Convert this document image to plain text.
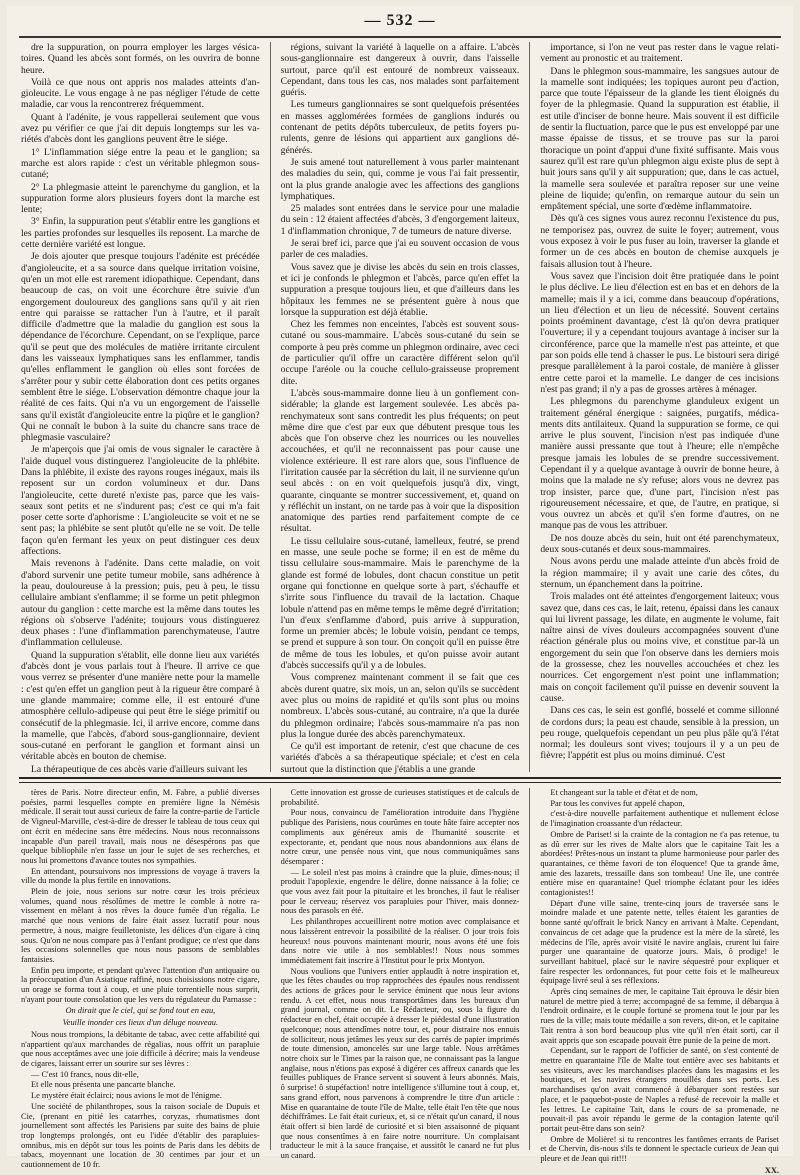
— 532 —

dre la suppuration, on pourra employer les larges vésicatoires. Quand les abcès sont formés, on les ouvrira de bonne heure.

Voilà ce que nous ont appris nos malades atteints d'angioleucite. Le vous engage à ne pas négliger l'étude de cette maladie, car vous la rencontrerez fréquemment.

Quant à l'adénite, je vous rappellerai seulement que vous avez pu vérifier ce que j'ai dit depuis longtemps sur les variétés d'abcès dont les ganglions peuvent être le siége.

1° L'inflammation siége entre la peau et le ganglion; sa marche est alors rapide : c'est un véritable phlegmon sous-cutané;

2° La phlegmasie atteint le parenchyme du ganglion, et la suppuration forme alors plusieurs foyers dont la marche est lente;

3° Enfin, la suppuration peut s'établir entre les ganglions et les parties profondes sur lesquelles ils reposent. La marche de cette dernière variété est longue.

Je dois ajouter que presque toujours l'adénite est précédée d'angioleucite, et a sa source dans quelque irritation voisine, qu'en un mot elle est rarement idiopathique. Cependant, dans beaucoup de cas, on voit une écorchure être suivie d'un engorgement douloureux des ganglions sans qu'il y ait rien entre qui paraisse se rattacher l'un à l'autre, et il paraît difficile d'admettre que la maladie du ganglion est sous la dépendance de l'écorchure. Cependant, on se l'explique, parce qu'il se peut que des molécules de matière irritante circulent dans les vaisseaux lymphatiques sans les enflammer, tandis qu'elles enflamment le ganglion où elles sont forcées de s'arrêter pour y subir cette élaboration dont ces petits organes semblent être le siége. L'observation démontre chaque jour la réalité de ces faits. Qui n'a vu un engorgement de l'aisselle sans qu'il existât d'angioleucite entre la piqûre et le ganglion? Qui ne connaît le bubon à la suite du chancre sans trace de phlegmasie vasculaire?

Je m'aperçois que j'ai omis de vous signaler le caractère à l'aide duquel vous distinguerez l'angioleucite de la phlébite. Dans la phlébite, il existe des rayons rouges inégaux, mais ils reposent sur un cordon volumineux et dur. Dans l'angioleucite, cette dureté n'existe pas, parce que les vaisseaux sont petits et ne s'indurent pas; c'est ce qui m'a fait poser cette sorte d'aphorisme : L'angioleucite se voit et ne se sent pas; la phlébite se sent plutôt qu'elle ne se voit. De telle façon qu'en fermant les yeux on peut distinguer ces deux affections.

Mais revenons à l'adénite. Dans cette maladie, on voit d'abord survenir une petite tumeur mobile, sans adhérence à la peau, douloureuse à la pression; puis, peu à peu, le tissu cellulaire ambiant s'enflamme; il se forme un petit phlegmon autour du ganglion : cette marche est la même dans toutes les régions où s'observe l'adénite; toujours vous distinguerez deux phases : l'une d'inflammation parenchymateuse, l'autre d'inflammation celluleuse.

Quand la suppuration s'établit, elle donne lieu aux variétés d'abcès dont je vous parlais tout à l'heure. Il arrive ce que vous verrez se présenter d'une manière nette pour la mamelle : c'est qu'en effet un ganglion peut à la rigueur être comparé à une glande mammaire; comme elle, il est entouré d'une atmosphère cellulo-adipeuse qui peut être le siége primitif ou consécutif de la phlegmasie. Ici, il arrive encore, comme dans la mamelle, que l'abcès, d'abord sous-ganglionnaire, devient sous-cutané en perforant le ganglion et formant ainsi un véritable abcès en bouton de chemise.

La thérapeutique de ces abcès varie d'ailleurs suivant les

régions, suivant la variété à laquelle on a affaire. L'abcès sous-ganglionnaire est dangereux à ouvrir, dans l'aisselle surtout, parce qu'il est entouré de nombreux vaisseaux. Cependant, dans tous les cas, nos malades sont parfaitement guéris.

Les tumeurs ganglionnaires se sont quelquefois présentées en masses agglomérées formées de ganglions indurés ou contenant de petits dépôts tuberculeux, de petits foyers purulents, genre de lésions qui appartient aux ganglions dégénérés.

Je suis amené tout naturellement à vous parler maintenant des maladies du sein, qui, comme je vous l'ai fait pressentir, ont la plus grande analogie avec les affections des ganglions lymphatiques.

25 malades sont entrées dans le service pour une maladie du sein : 12 étaient affectées d'abcès, 3 d'engorgement laiteux, 1 d'inflammation chronique, 7 de tumeurs de nature diverse.

Je serai bref ici, parce que j'ai eu souvent occasion de vous parler de ces maladies.

Vous savez que je divise les abcès du sein en trois classes, et ici je confonds le phlegmon et l'abcès, parce qu'en effet la suppuration a presque toujours lieu, et que d'ailleurs dans les hôpitaux les femmes ne se présentent guère à nous que lorsque la suppuration est déjà établie.

Chez les femmes non enceintes, l'abcès est souvent sous-cutané ou sous-mammaire. L'abcès sous-cutané du sein se comporte à peu près comme un phlegmon ordinaire, avec ceci de particulier qu'il offre un caractère différent selon qu'il occupe l'aréole ou la couche cellulo-graisseuse proprement dite.

L'abcès sous-mammaire donne lieu à un gonflement considérable; la glande est largement soulevée. Les abcès parenchymateux sont sans contredit les plus fréquents; on peut même dire que c'est par eux que débutent presque tous les abcès que l'on observe chez les nourrices ou les nouvelles accouchées, et qu'il ne reconnaissent pas pour cause une violence extérieure. Il est rare alors que, sous l'influence de l'irritation causée par la sécrétion du lait, il ne survienne qu'un seul abcès : on en voit quelquefois jusqu'à dix, vingt, quarante, cinquante se montrer successivement, et, quand on y réfléchit un instant, on ne tarde pas à voir que la disposition anatomique des parties rend parfaitement compte de ce résultat.

Le tissu cellulaire sous-cutané, lamelleux, feutré, se prend en masse, une seule poche se forme; il en est de même du tissu cellulaire sous-mammaire. Mais le parenchyme de la glande est formé de lobules, dont chacun constitue un petit organe qui fonctionne en quelque sorte à part, s'échauffe et s'irrite sous l'influence du travail de la lactation. Chaque lobule n'attend pas en même temps le même degré d'irritation; l'un d'eux s'enflamme d'abord, puis arrive à suppuration, forme un premier abcès; le lobule voisin, pendant ce temps, se prend et suppure à son tour. On conçoit qu'il en puisse être de même de tous les lobules, et qu'on puisse avoir autant d'abcès successifs qu'il y a de lobules.

Vous comprenez maintenant comment il se fait que ces abcès durent quatre, six mois, un an, selon qu'ils se succèdent avec plus ou moins de rapidité et qu'ils sont plus ou moins nombreux. L'abcès sous-cutané, au contraire, n'a que la durée du phlegmon ordinaire; l'abcès sous-mammaire n'a pas non plus la longue durée des abcès parenchymateux.

Ce qu'il est important de retenir, c'est que chacune de ces variétés d'abcès a sa thérapeutique spéciale; et c'est en cela surtout que la distinction que j'établis a une grande

importance, si l'on ne veut pas rester dans le vague relativement au pronostic et au traitement.

Dans le phlegmon sous-mammaire, les sangsues autour de la mamelle sont indiquées; les topiques auront peu d'action, parce que toute l'épaisseur de la glande les tient éloignés du foyer de la phlegmasie. Quand la suppuration est établie, il est utile d'inciser de bonne heure. Mais souvent il est difficile de sentir la fluctuation, parce que le pus est enveloppé par une masse épaisse de tissus, et se trouve pas sur la paroi thoracique un point d'appui d'une fixité suffisante. Mais vous saurez qu'il est rare qu'un phlegmon aigu existe plus de sept à huit jours sans qu'il y ait suppuration; que, dans le cas actuel, la mamelle sera soulevée et paraîtra reposer sur une veine pleine de liquide; qu'enfin, on remarque autour du sein un empâtement spécial, une sorte d'œdème inflammatoire.

Dès qu'à ces signes vous aurez reconnu l'existence du pus, ne temporisez pas, ouvrez de suite le foyer; autrement, vous vous exposez à voir le pus fuser au loin, traverser la glande et former un de ces abcès en bouton de chemise auxquels je faisais allusion tout à l'heure.

Vous savez que l'incision doit être pratiquée dans le point le plus déclive. Le lieu d'élection est en bas et en dehors de la mamelle; mais il y a ici, comme dans beaucoup d'opérations, un lieu d'élection et un lieu de nécessité. Souvent certains points proéminent davantage, c'est là qu'on devra pratiquer l'ouverture; il y a cependant toujours avantage à inciser sur la circonférence, parce que la mamelle n'est pas atteinte, et que par son poids elle tend à chasser le pus. Le bistouri sera dirigé presque parallèlement à la paroi costale, de manière à glisser entre cette paroi et la mamelle. Le danger de ces incisions n'est pas grand; il n'y a pas de grosses artères à ménager.

Les phlegmons du parenchyme glanduleux exigent un traitement général énergique : saignées, purgatifs, médicaments dits antilaiteux. Quand la suppuration se forme, ce qui arrive le plus souvent, l'incision n'est pas indiquée d'une manière aussi pressante que tout à l'heure; elle n'empêche presque jamais les lobules de se prendre successivement. Cependant il y a quelque avantage à ouvrir de bonne heure, à moins que la malade ne s'y refuse; alors vous ne devrez pas trop insister, parce que, d'une part, l'incision n'est pas rigoureusement nécessaire, et que, de l'autre, en pratique, si vous ouvrez un abcès et qu'il s'en forme d'autres, on ne manque pas de vous les attribuer.

De nos douze abcès du sein, huit ont été parenchymateux, deux sous-cutanés et deux sous-mammaires.

Nous avons perdu une malade atteinte d'un abcès froid de la région mammaire; il y avait une carie des côtes, du sternum, un épanchement dans la poitrine.

Trois malades ont été atteintes d'engorgement laiteux; vous savez que, dans ces cas, le lait, retenu, épaissi dans les canaux qui lui livrent passage, les dilate, en augmente le volume, fait naître ainsi de vives douleurs accompagnées souvent d'une réaction générale plus ou moins vive, et constitue par-là un engorgement du sein que l'on observe dans les derniers mois de la grossesse, chez les nouvelles accouchées et chez les nourrices. Cet engorgement n'est point une inflammation; mais on conçoit facilement qu'il puisse en devenir souvent la cause.

Dans ces cas, le sein est gonflé, bosselé et comme sillonné de cordons durs; la peau est chaude, sensible à la pression, un peu rouge, quelquefois cependant un peu plus pâle qu'à l'état normal; les douleurs sont vives; toujours il y a un peu de fièvre; l'appétit est plus ou moins diminué. C'est

tères de Paris. Notre directeur enfin, M. Fabre, a publié diverses poésies, parmi lesquelles compte en première ligne la Némésis médicale. Il serait tout aussi curieux de faire la contre-partie de l'article de Vigneul-Marville, c'est-à-dire de dresser le tableau de tous ceux qui ont écrit en médecine sans être médecins. Nous nous reconnaissons incapable d'un pareil travail, mais nous ne désespérons pas que quelque bibliophile n'en fasse un jour le sujet de ses recherches, et nous lui promettons d'avance toutes nos sympathies.

En attendant, poursuivons nos impressions de voyage à travers la ville du monde la plus fertile en innovations.

Plein de joie, nous serions sur notre cœur les trois précieux volumes, quand nous résolûmes de mettre le comble à notre ravissement en mêlant à nos rêves la douce fumée d'un régalia. Le marché que nous venions de faire était assez lucratif pour nous permettre, à nous, maigre feuilletoniste, les délices d'un cigare à cinq sous. Qu'on ne nous compare pas à l'enfant prodigue; ce n'est que dans les occasions solennelles que nous nous passons de semblables fantaisies.

Enfin peu importe, et pendant qu'avec l'attention d'un antiquaire ou la préoccupation d'un Asiatique raffiné, nous choisissions notre cigare, un orage se forma tout à coup, et une pluie torrentielle nous surprit, n'ayant pour toute consolation que les vers du régulateur du Parnasse :

On dirait que le ciel, qui se fond tout en eau,
Veuille inonder ces lieux d'un déluge nouveau.

Nous nous trompions, la débitante de tabac, avec cette affabilité qui n'appartient qu'aux marchandes de régalias, nous offrit un parapluie que nous acceptâmes avec une joie difficile à décrire; mais la vendeuse de cigares, laissant errer un sourire sur ses lèvres :

— C'est 10 francs, nous dit-elle,

Et elle nous présenta une pancarte blanche.

Le mystère était éclairci; nous avions le mot de l'énigme.

Une société de philanthropes, sous la raison sociale de Dupuis et Cie, (prenant en pitié les catarrhes, coryzas, rhumatismes dont journellement sont affectés les Parisiens par suite des bains de pluie trop longtemps prolongés, ont eu l'idée d'établir des parapluies-omnibus, mis en dépôt sur tous les points de Paris dans les débits de tabacs, moyennant une location de 30 centimes par jour et un cautionnement de 10 fr.

Cette innovation est grosse de curieuses statistiques et de calculs de probabilité.

Pour nous, convaincu de l'amélioration introduite dans l'hygiène publique des Parisiens, nous courûmes en toute hâte faire accepter nos compliments aux généreux amis de l'humanité souscrite et expectorante, et, pendant que nous nous abandonnions aux élans de notre cœur, une pensée nous vint, que nous communiquâmes sans désemparer :

— Le soleil n'est pas moins à craindre que la pluie, dîmes-nous; il produit l'apoplexie, engendre le délire, donne naissance à la folie; ce que vous avez fait pour la pituitaire et les bronches, il faut le réaliser pour le cerveau; réservez vos parapluies pour l'hiver, mais donnez-nous des parasols en été.

Les philanthropes accueillirent notre motion avec complaisance et nous laissèrent entrevoir la possibilité de la réaliser. O jour trois fois heureux! nous pouvons maintenant mourir, nous avons été une fois dans notre vie utile à nos semblables!! Nous nous sommes immédiatement fait inscrire à l'Institut pour le prix Montyon.

Nous voulions que l'univers entier applaudît à notre inspiration et, que les fêtes chaudes ou trop rapprochées des épaules nous rendissent des actions de grâces pour le service éminent que nous leur avions rendu. A cet effet, nous nous transportâmes dans les bureaux d'un grand journal, comme on dit. Le Rédacteur, ou, sous la figure du rédacteur en chef, était occupée à dresser le piédestal d'une illustration quelconque; nous attendîmes notre tour, et, pour distraire nos ennuis de solliciteur, nous jetâmes les yeux sur des carrés de papier imprimés de toute dimension, amoncelés sur une large table. Nous arrêtâmes notre choix sur le Times par la raison que, ne connaissant pas la langue anglaise, nous n'étions pas exposé à digérer ces affreux canards que les feuilles publiques de France servent si souvent à leurs abonnés. Mais, ô surprise! ô stupéfaction! notre intelligence s'illumine tout à coup, et, sans grand effort, nous parvenons à comprendre le titre d'un article : Mise en quarantaine de toute l'île de Malte, telle était l'en tête que nous déchiffrâmes. Le fait était curieux, et, si ce n'était qu'un canard, il nous était offert si bien lardé de curiosité et si bien assaisonné de piquant que nous consentîmes à en faire notre nourriture. Un complaisant traducteur le mit à la sauce française, et aussitôt le canard ne fut plus un canard.

Et changeant sur la table et d'état et de nom,

Par tous les convives fut appelé chapon,

c'est-à-dire nouvelle parfaitement authentique et nullement éclose de l'imagination croassante d'un rédacteur.

Ombre de Pariset! si la crainte de la contagion ne t'a pas retenue, tu as dû errer sur les rives de Malte alors que le capitaine Tait les a abordées! Prêtes-nous un instant ta plume harmonieuse pour parler des quarantaines, ce thème favori de ton éloquence! Que ta grande âme, amie des lazarets, tressaille dans son tombeau! Une île, une contrée entière mise en quarantaine! Quel triomphe éclatant pour les idées contagionistes!!

Départ d'une ville saine, trente-cinq jours de traversée sans le moindre malade et une patente nette, telles étaient les garanties de bonne santé qu'offrait le brick Nancy en arrivant à Malte. Cependant, convaincus de cet adage que la prudence est la mère de la sûreté, les médecins de l'île, après avoir visité le navire anglais, crurent lui faire purger une quarantaine de quatorze jours. Mais, ô prodige! le surveillant habituel, placé sur le navire séquestré pour expliquer et faire respecter les ordonnances, fut pour cette fois et le malheureux équipage livré seul à ses réflexions.

Après cinq semaines de mer, le capitaine Tait éprouva le désir bien naturel de mettre pied à terre; accompagné de sa femme, il débarqua à l'endroit ordinaire, et le couple fortuné se promena tout le jour par les rues de la ville; mais toute médaille a son revers, dit-on, et le capitaine Tait rentra à son bord beaucoup plus vite qu'il n'en était sorti, car il avait appris que son escapade pouvait être punie de la peine de mort.

Cependant, sur le rapport de l'officier de santé, on s'est contenté de mettre en quarantaine l'île de Malte tout entière avec ses habitants et ses visiteurs, avec les marchandises placées dans les magasins et les boutiques, et les navires étrangers mouillés dans ses ports. Les marchandises qu'on avait commencé à débarquer sont restées sur place, et le paquebot-poste de Naples a refusé de recevoir la malle et les lettres. Le capitaine Tait, dans le cours de sa promenade, ne pouvait-il pas avoir répandu le germe de la contagion latente qu'il portait peut-être dans son sein?

Ombre de Molière! si tu rencontres les fantômes errants de Pariset et de Chervin, dis-nous s'ils te donnent le spectacle curieux de Jean qui pleure et de Jean qui rit!!!

XX.
